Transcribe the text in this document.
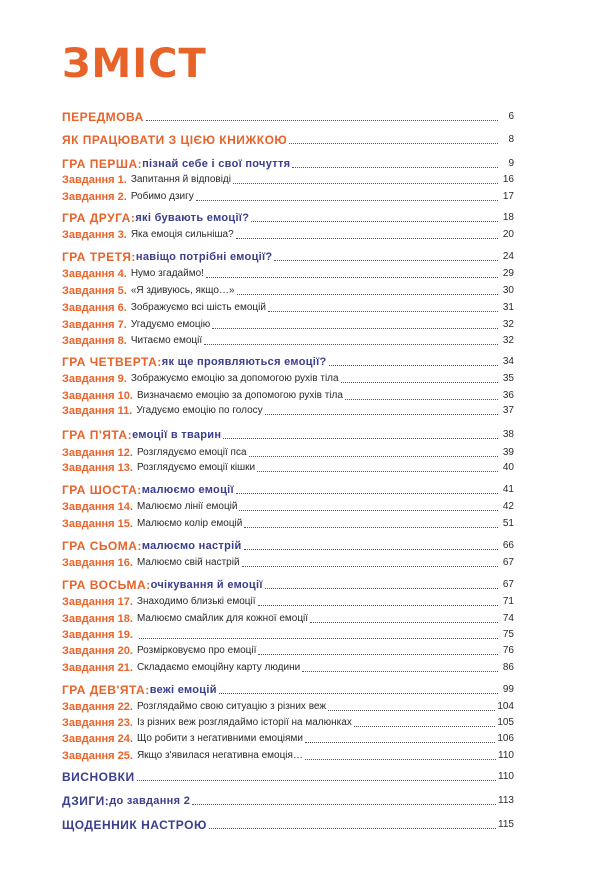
ЗМІСТ
ПЕРЕДМОВА	6
ЯК ПРАЦЮВАТИ З ЦІЄЮ КНИЖКОЮ	8
ГРА ПЕРША: пізнай себе і свої почуття	9
Завдання 1. Запитання й відповіді	16
Завдання 2. Робимо дзигу	17
ГРА ДРУГА: які бувають емоції?	18
Завдання 3. Яка емоція сильніша?	20
ГРА ТРЕТЯ: навіщо потрібні емоції?	24
Завдання 4. Нумо згадаймо!	29
Завдання 5. «Я здивуюсь, якщо…»	30
Завдання 6. Зображуємо всі шість емоцій	31
Завдання 7. Угадуємо емоцію	32
Завдання 8. Читаємо емоції	32
ГРА ЧЕТВЕРТА: як ще проявляються емоції?	34
Завдання 9. Зображуємо емоцію за допомогою рухів тіла	35
Завдання 10. Визначаємо емоцію за допомогою рухів тіла	36
Завдання 11. Угадуємо емоцію по голосу	37
ГРА П'ЯТА: емоції в тварин	38
Завдання 12. Розглядуємо емоції пса	39
Завдання 13. Розглядуємо емоції кішки	40
ГРА ШОСТА: малюємо емоції	41
Завдання 14. Малюємо лінії емоцій	42
Завдання 15. Малюємо колір емоцій	51
ГРА СЬОМА: малюємо настрій	66
Завдання 16. Малюємо свій настрій	67
ГРА ВОСЬМА: очікування й емоції	67
Завдання 17. Знаходимо близькі емоції	71
Завдання 18. Малюємо смайлик для кожної емоції	74
Завдання 19.	75
Завдання 20. Розмірковуємо про емоції	76
Завдання 21. Складаємо емоційну карту людини	86
ГРА ДЕВ'ЯТА: вежі емоцій	99
Завдання 22. Розглядаймо свою ситуацію з різних веж	104
Завдання 23. Із різних веж розглядаймо історії на малюнках	105
Завдання 24. Що робити з негативними емоціями	106
Завдання 25. Якщо з'явилася негативна емоція…	110
ВИСНОВКИ	110
ДЗИГИ: до завдання 2	113
ЩОДЕННИК НАСТРОЮ	115
